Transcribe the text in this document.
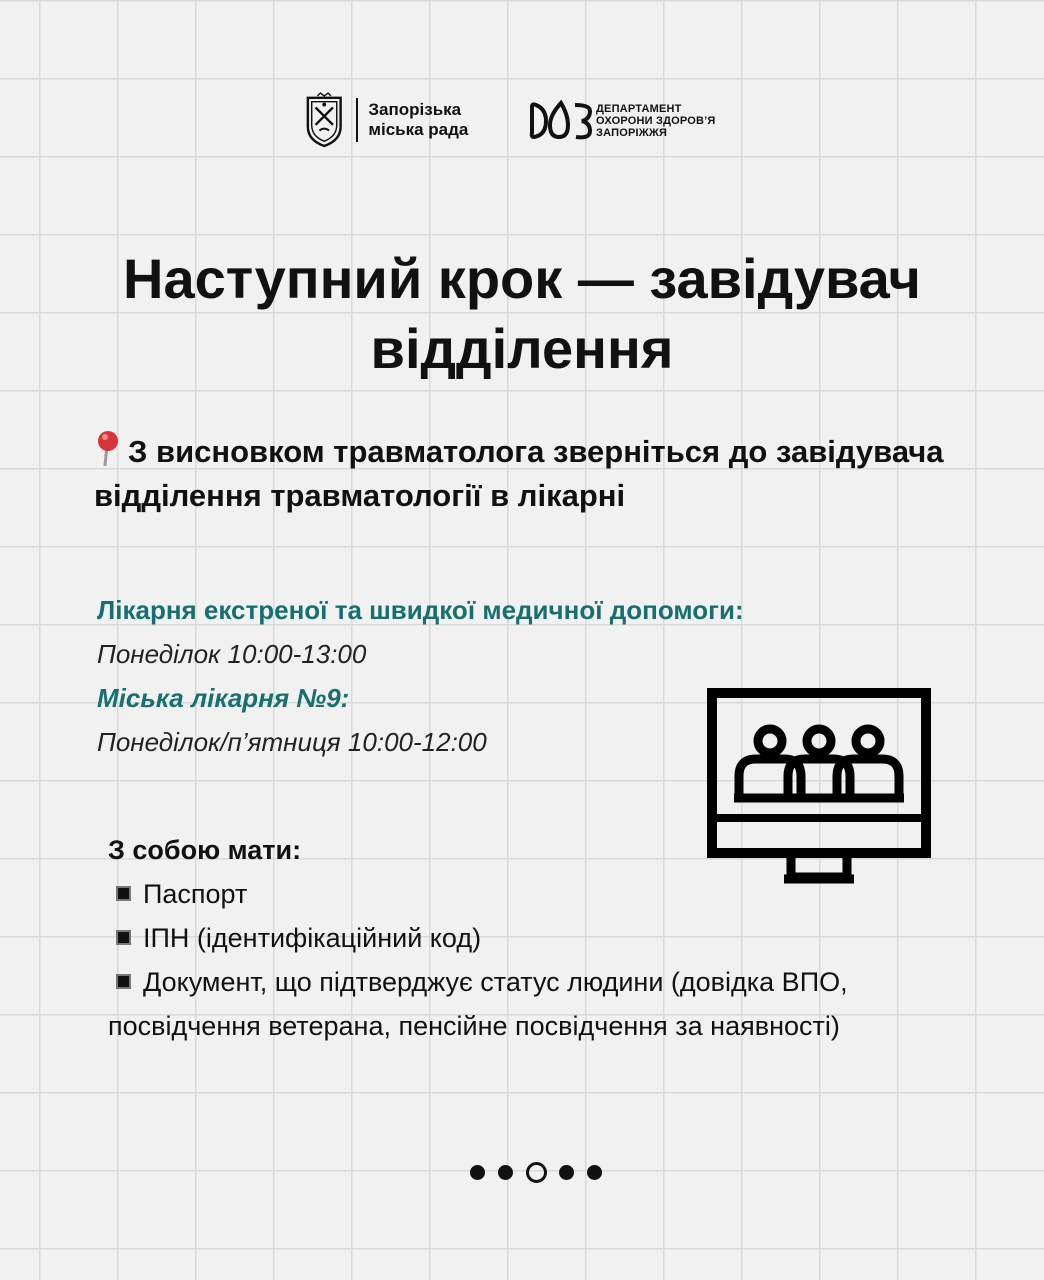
Запорізька міська рада
ДЕПАРТАМЕНТ ОХОРОНИ ЗДОРОВ’Я ЗАПОРІЖЖЯ
Наступний крок — завідувач відділення

З висновком травматолога зверніться до завідувача відділення травматології в лікарні

Лікарня екстреної та швидкої медичної допомоги:
Понеділок 10:00-13:00
Міська лікарня №9:
Понеділок/п’ятниця 10:00-12:00
З собою мати:
Паспорт
ІПН (ідентифікаційний код)
Документ, що підтверджує статус людини (довідка ВПО, посвідчення ветерана, пенсійне посвідчення за наявності)
